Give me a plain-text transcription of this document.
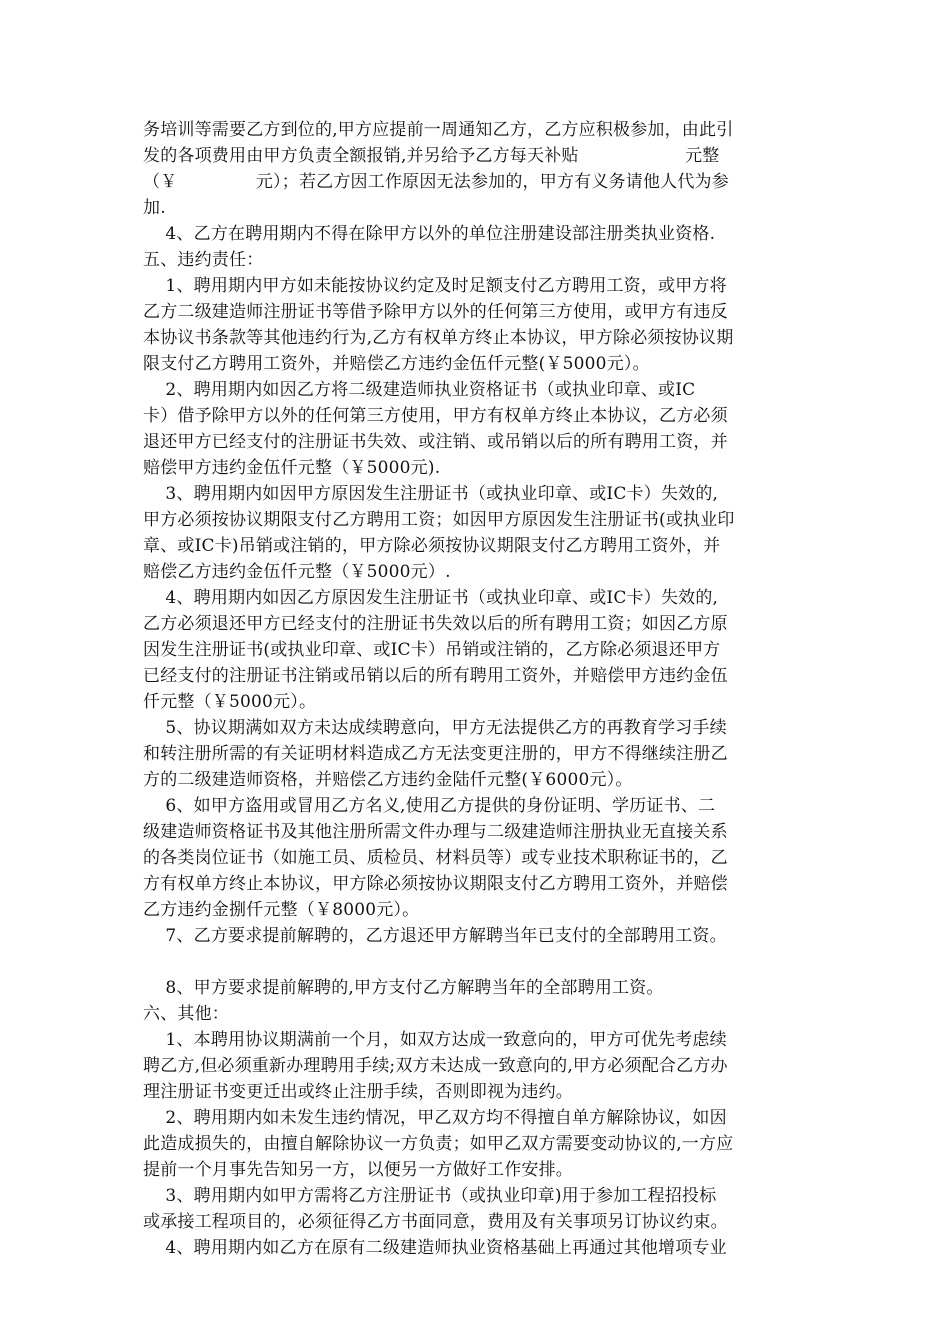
务培训等需要乙方到位的,甲方应提前一周通知乙方，乙方应积极参加，由此引
发的各项费用由甲方负责全额报销,并另给予乙方每天补贴                   元整
（￥              元）；若乙方因工作原因无法参加的，甲方有义务请他人代为参
加.
4、乙方在聘用期内不得在除甲方以外的单位注册建设部注册类执业资格.
五、违约责任：
1、聘用期内甲方如未能按协议约定及时足额支付乙方聘用工资，或甲方将
乙方二级建造师注册证书等借予除甲方以外的任何第三方使用，或甲方有违反
本协议书条款等其他违约行为,乙方有权单方终止本协议，甲方除必须按协议期
限支付乙方聘用工资外，并赔偿乙方违约金伍仟元整(￥5000元）。
2、聘用期内如因乙方将二级建造师执业资格证书（或执业印章、或IC
卡）借予除甲方以外的任何第三方使用，甲方有权单方终止本协议，乙方必须
退还甲方已经支付的注册证书失效、或注销、或吊销以后的所有聘用工资，并
赔偿甲方违约金伍仟元整（￥5000元).
3、聘用期内如因甲方原因发生注册证书（或执业印章、或IC卡）失效的,
甲方必须按协议期限支付乙方聘用工资；如因甲方原因发生注册证书(或执业印
章、或IC卡)吊销或注销的，甲方除必须按协议期限支付乙方聘用工资外，并
赔偿乙方违约金伍仟元整（￥5000元）.
4、聘用期内如因乙方原因发生注册证书（或执业印章、或IC卡）失效的,
乙方必须退还甲方已经支付的注册证书失效以后的所有聘用工资；如因乙方原
因发生注册证书(或执业印章、或IC卡）吊销或注销的，乙方除必须退还甲方
已经支付的注册证书注销或吊销以后的所有聘用工资外，并赔偿甲方违约金伍
仟元整（￥5000元）。
5、协议期满如双方未达成续聘意向，甲方无法提供乙方的再教育学习手续
和转注册所需的有关证明材料造成乙方无法变更注册的，甲方不得继续注册乙
方的二级建造师资格，并赔偿乙方违约金陆仟元整(￥6000元）。
6、如甲方盗用或冒用乙方名义,使用乙方提供的身份证明、学历证书、二
级建造师资格证书及其他注册所需文件办理与二级建造师注册执业无直接关系
的各类岗位证书（如施工员、质检员、材料员等）或专业技术职称证书的，乙
方有权单方终止本协议，甲方除必须按协议期限支付乙方聘用工资外，并赔偿
乙方违约金捌仟元整（￥8000元）。
7、乙方要求提前解聘的，乙方退还甲方解聘当年已支付的全部聘用工资。
8、甲方要求提前解聘的,甲方支付乙方解聘当年的全部聘用工资。
六、其他：
1、本聘用协议期满前一个月，如双方达成一致意向的，甲方可优先考虑续
聘乙方,但必须重新办理聘用手续;双方未达成一致意向的,甲方必须配合乙方办
理注册证书变更迁出或终止注册手续，否则即视为违约。
2、聘用期内如未发生违约情况，甲乙双方均不得擅自单方解除协议，如因
此造成损失的，由擅自解除协议一方负责；如甲乙双方需要变动协议的,一方应
提前一个月事先告知另一方，以便另一方做好工作安排。
3、聘用期内如甲方需将乙方注册证书（或执业印章)用于参加工程招投标
或承接工程项目的，必须征得乙方书面同意，费用及有关事项另订协议约束。
4、聘用期内如乙方在原有二级建造师执业资格基础上再通过其他增项专业
